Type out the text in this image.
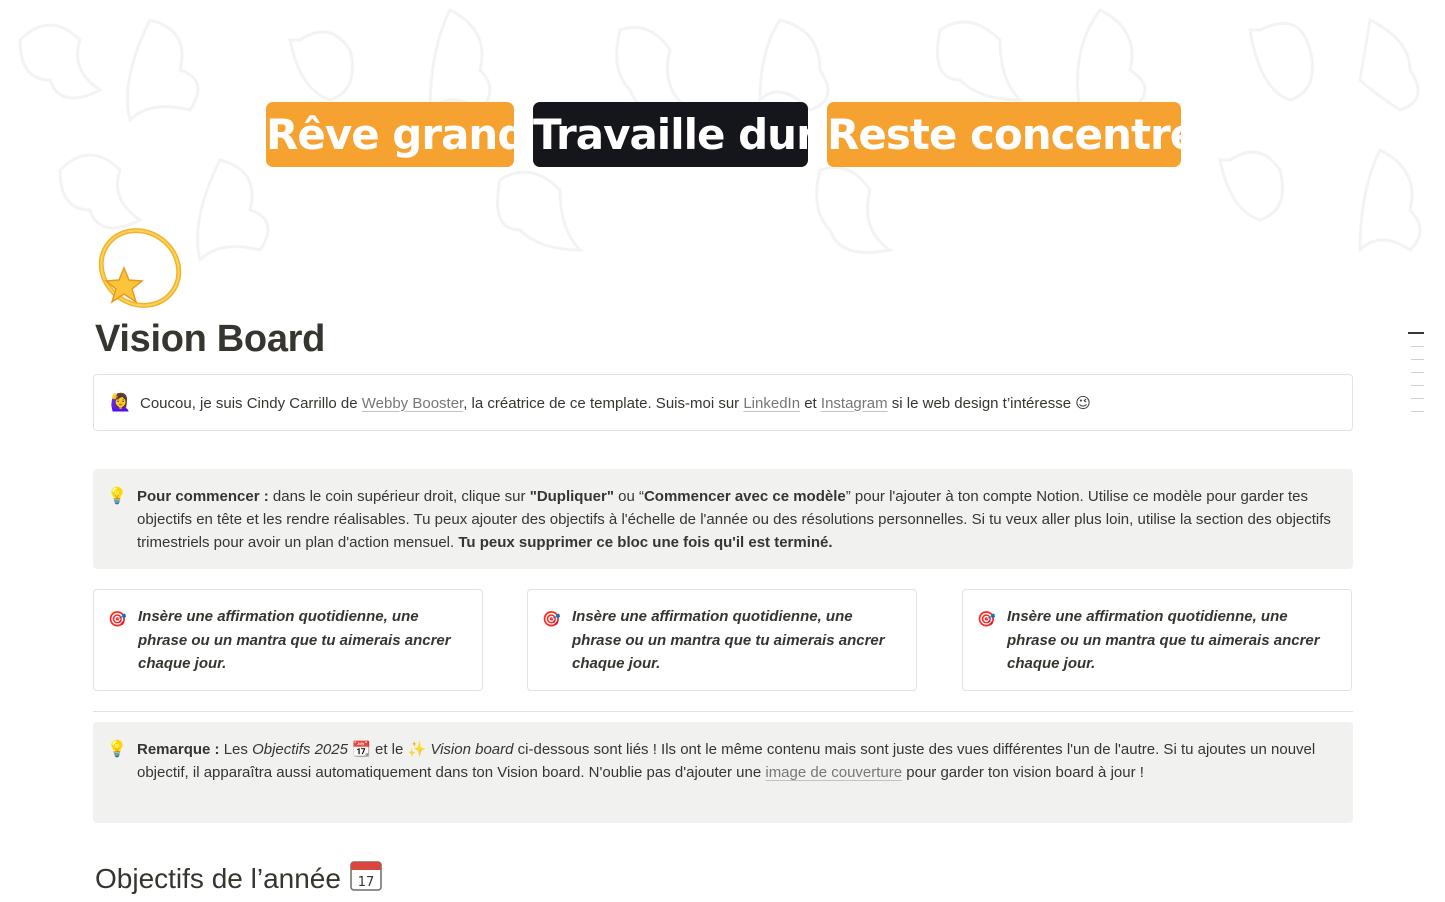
Rêve grand Travaille dur Reste concentré
Vision Board
🙋‍♀️ Coucou, je suis Cindy Carrillo de Webby Booster, la créatrice de ce template. Suis-moi sur LinkedIn et Instagram si le web design t’intéresse 😉
💡 Pour commencer : dans le coin supérieur droit, clique sur "Dupliquer" ou “Commencer avec ce modèle” pour l'ajouter à ton compte Notion. Utilise ce modèle pour garder tes objectifs en tête et les rendre réalisables. Tu peux ajouter des objectifs à l'échelle de l'année ou des résolutions personnelles. Si tu veux aller plus loin, utilise la section des objectifs trimestriels pour avoir un plan d'action mensuel. Tu peux supprimer ce bloc une fois qu'il est terminé.

🎯 Insère une affirmation quotidienne, une phrase ou un mantra que tu aimerais ancrer chaque jour.
🎯 Insère une affirmation quotidienne, une phrase ou un mantra que tu aimerais ancrer chaque jour.
🎯 Insère une affirmation quotidienne, une phrase ou un mantra que tu aimerais ancrer chaque jour.
💡 Remarque : Les Objectifs 2025 📆 et le ✨ Vision board ci-dessous sont liés ! Ils ont le même contenu mais sont juste des vues différentes l'un de l'autre. Si tu ajoutes un nouvel objectif, il apparaîtra aussi automatiquement dans ton Vision board. N'oublie pas d'ajouter une image de couverture pour garder ton vision board à jour !

Objectifs de l’année 17
